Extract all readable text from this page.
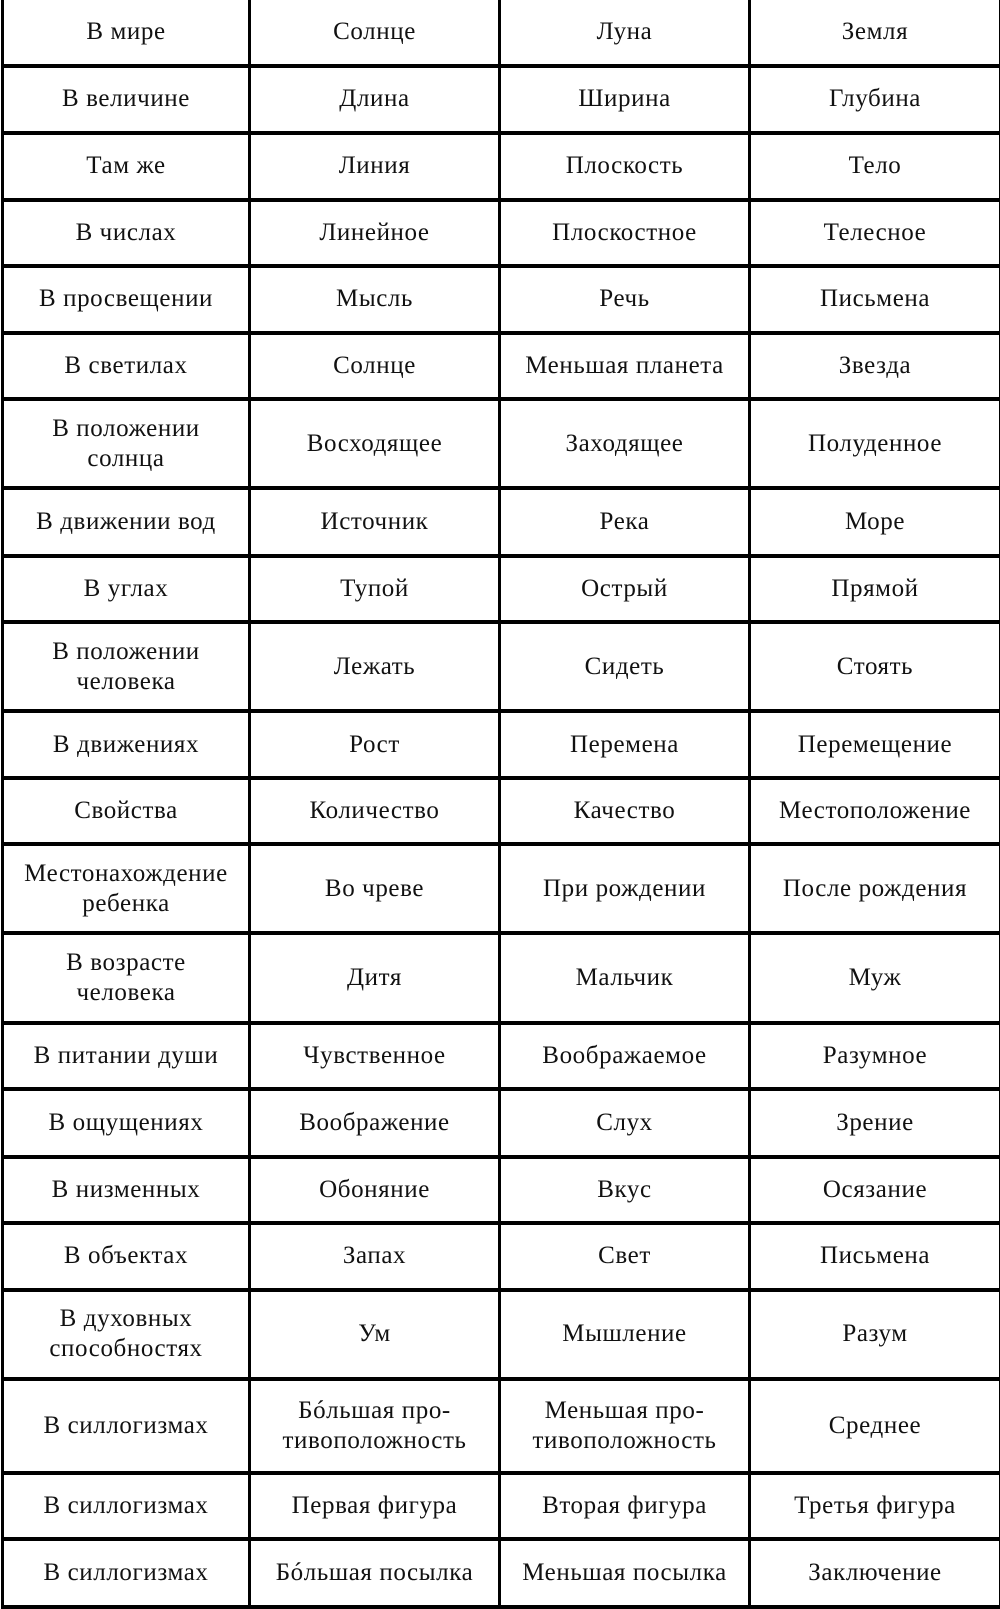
В мире	Солнце	Луна	Земля

В величине	Длина	Ширина	Глубина

Там же	Линия	Плоскость	Тело

В числах	Линейное	Плоскостное	Телесное

В просвещении	Мысль	Речь	Письмена

В светилах	Солнце	Меньшая планета	Звезда

В положении
солнца	Восходящее	Заходящее	Полуденное

В движении вод	Источник	Река	Море

В углах	Тупой	Острый	Прямой

В положении
человека	Лежать	Сидеть	Стоять

В движениях	Рост	Перемена	Перемещение

Свойства	Количество	Качество	Местоположение

Местонахождение
ребенка	Во чреве	При рождении	После рождения

В возрасте
человека	Дитя	Мальчик	Муж

В питании души	Чувственное	Воображаемое	Разумное

В ощущениях	Воображение	Слух	Зрение

В низменных	Обоняние	Вкус	Осязание

В объектах	Запах	Свет	Письмена

В духовных
способностях	Ум	Мышление	Разум

В силлогизмах	Бóльшая про-
тивоположность	Меньшая про-
тивоположность	Среднее

В силлогизмах	Первая фигура	Вторая фигура	Третья фигура

В силлогизмах	Бóльшая посылка	Меньшая посылка	Заключение
